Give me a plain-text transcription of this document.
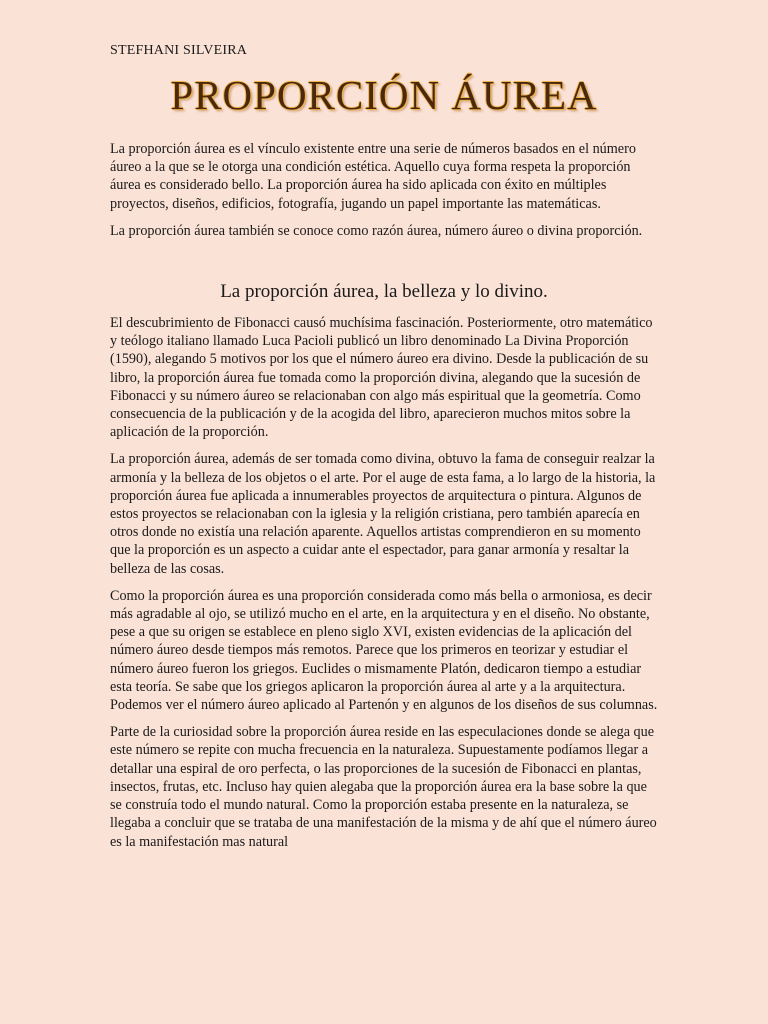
STEFHANI SILVEIRA
PROPORCIÓN ÁUREA

La proporción áurea es el vínculo existente entre una serie de números basados en el número áureo a la que se le otorga una condición estética. Aquello cuya forma respeta la proporción áurea es considerado bello. La proporción áurea ha sido aplicada con éxito en múltiples proyectos, diseños, edificios, fotografía, jugando un papel importante las matemáticas.

La proporción áurea también se conoce como razón áurea, número áureo o divina proporción.

La proporción áurea, la belleza y lo divino.

El descubrimiento de Fibonacci causó muchísima fascinación. Posteriormente, otro matemático y teólogo italiano llamado Luca Pacioli publicó un libro denominado La Divina Proporción (1590), alegando 5 motivos por los que el número áureo era divino. Desde la publicación de su libro, la proporción áurea fue tomada como la proporción divina, alegando que la sucesión de Fibonacci y su número áureo se relacionaban con algo más espiritual que la geometría. Como consecuencia de la publicación y de la acogida del libro, aparecieron muchos mitos sobre la aplicación de la proporción.

La proporción áurea, además de ser tomada como divina, obtuvo la fama de conseguir realzar la armonía y la belleza de los objetos o el arte. Por el auge de esta fama, a lo largo de la historia, la proporción áurea fue aplicada a innumerables proyectos de arquitectura o pintura. Algunos de estos proyectos se relacionaban con la iglesia y la religión cristiana, pero también aparecía en otros donde no existía una relación aparente. Aquellos artistas comprendieron en su momento que la proporción es un aspecto a cuidar ante el espectador, para ganar armonía y resaltar la belleza de las cosas.

Como la proporción áurea es una proporción considerada como más bella o armoniosa, es decir más agradable al ojo, se utilizó mucho en el arte, en la arquitectura y en el diseño. No obstante, pese a que su origen se establece en pleno siglo XVI, existen evidencias de la aplicación del número áureo desde tiempos más remotos. Parece que los primeros en teorizar y estudiar el número áureo fueron los griegos. Euclides o mismamente Platón, dedicaron tiempo a estudiar esta teoría. Se sabe que los griegos aplicaron la proporción áurea al arte y a la arquitectura. Podemos ver el número áureo aplicado al Partenón y en algunos de los diseños de sus columnas.

Parte de la curiosidad sobre la proporción áurea reside en las especulaciones donde se alega que este número se repite con mucha frecuencia en la naturaleza. Supuestamente podíamos llegar a detallar una espiral de oro perfecta, o las proporciones de la sucesión de Fibonacci en plantas, insectos, frutas, etc. Incluso hay quien alegaba que la proporción áurea era la base sobre la que se construía todo el mundo natural. Como la proporción estaba presente en la naturaleza, se llegaba a concluir que se trataba de una manifestación de la misma y de ahí que el número áureo es la manifestación mas natural
